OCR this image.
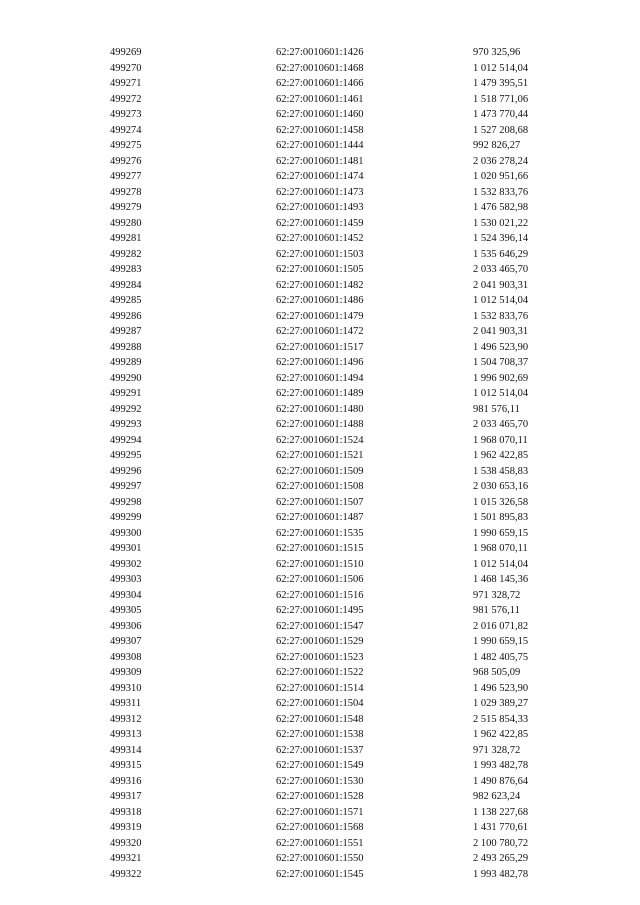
499269	62:27:0010601:1426	970 325,96
499270	62:27:0010601:1468	1 012 514,04
499271	62:27:0010601:1466	1 479 395,51
499272	62:27:0010601:1461	1 518 771,06
499273	62:27:0010601:1460	1 473 770,44
499274	62:27:0010601:1458	1 527 208,68
499275	62:27:0010601:1444	992 826,27
499276	62:27:0010601:1481	2 036 278,24
499277	62:27:0010601:1474	1 020 951,66
499278	62:27:0010601:1473	1 532 833,76
499279	62:27:0010601:1493	1 476 582,98
499280	62:27:0010601:1459	1 530 021,22
499281	62:27:0010601:1452	1 524 396,14
499282	62:27:0010601:1503	1 535 646,29
499283	62:27:0010601:1505	2 033 465,70
499284	62:27:0010601:1482	2 041 903,31
499285	62:27:0010601:1486	1 012 514,04
499286	62:27:0010601:1479	1 532 833,76
499287	62:27:0010601:1472	2 041 903,31
499288	62:27:0010601:1517	1 496 523,90
499289	62:27:0010601:1496	1 504 708,37
499290	62:27:0010601:1494	1 996 902,69
499291	62:27:0010601:1489	1 012 514,04
499292	62:27:0010601:1480	981 576,11
499293	62:27:0010601:1488	2 033 465,70
499294	62:27:0010601:1524	1 968 070,11
499295	62:27:0010601:1521	1 962 422,85
499296	62:27:0010601:1509	1 538 458,83
499297	62:27:0010601:1508	2 030 653,16
499298	62:27:0010601:1507	1 015 326,58
499299	62:27:0010601:1487	1 501 895,83
499300	62:27:0010601:1535	1 990 659,15
499301	62:27:0010601:1515	1 968 070,11
499302	62:27:0010601:1510	1 012 514,04
499303	62:27:0010601:1506	1 468 145,36
499304	62:27:0010601:1516	971 328,72
499305	62:27:0010601:1495	981 576,11
499306	62:27:0010601:1547	2 016 071,82
499307	62:27:0010601:1529	1 990 659,15
499308	62:27:0010601:1523	1 482 405,75
499309	62:27:0010601:1522	968 505,09
499310	62:27:0010601:1514	1 496 523,90
499311	62:27:0010601:1504	1 029 389,27
499312	62:27:0010601:1548	2 515 854,33
499313	62:27:0010601:1538	1 962 422,85
499314	62:27:0010601:1537	971 328,72
499315	62:27:0010601:1549	1 993 482,78
499316	62:27:0010601:1530	1 490 876,64
499317	62:27:0010601:1528	982 623,24
499318	62:27:0010601:1571	1 138 227,68
499319	62:27:0010601:1568	1 431 770,61
499320	62:27:0010601:1551	2 100 780,72
499321	62:27:0010601:1550	2 493 265,29
499322	62:27:0010601:1545	1 993 482,78
